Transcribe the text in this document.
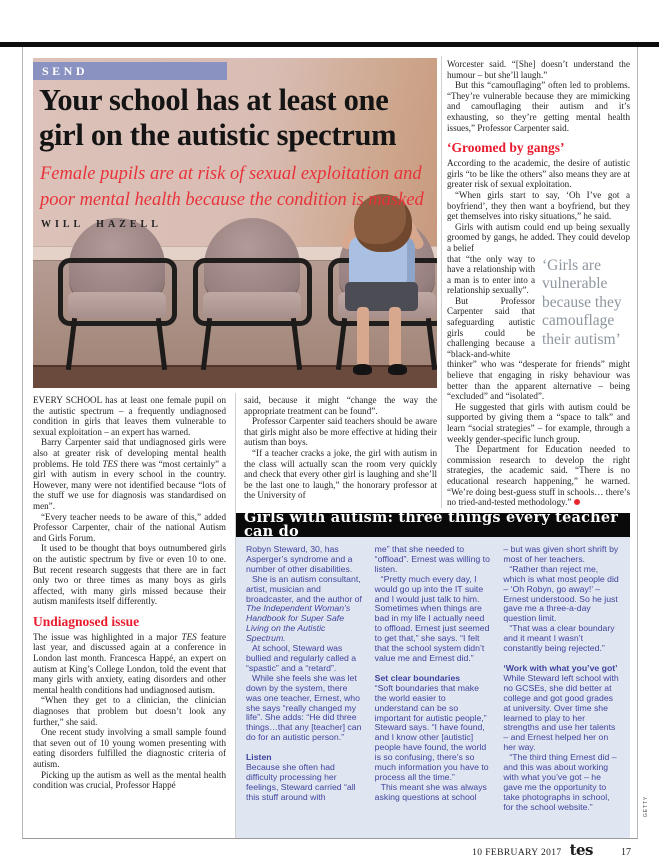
SEND
Your school has at least one girl on the autistic spectrum

Female pupils are at risk of sexual exploitation and poor mental health because the condition is masked

WILL HAZELL

EVERY SCHOOL has at least one female pupil on the autistic spectrum – a frequently undiagnosed condition in girls that leaves them vulnerable to sexual exploitation – an expert has warned.

Barry Carpenter said that undiagnosed girls were also at greater risk of developing mental health problems. He told TES there was “most certainly” a girl with autism in every school in the country. However, many were not identified because “lots of the stuff we use for diagnosis was standardised on men”.

“Every teacher needs to be aware of this,” added Professor Carpenter, chair of the national Autism and Girls Forum.

It used to be thought that boys outnumbered girls on the autistic spectrum by five or even 10 to one. But recent research suggests that there are in fact only two or three times as many boys as girls affected, with many girls missed because their autism manifests itself differently.

Undiagnosed issue

The issue was highlighted in a major TES feature last year, and discussed again at a conference in London last month. Francesca Happé, an expert on autism at King’s College London, told the event that many girls with anxiety, eating disorders and other mental health conditions had undiagnosed autism.

“When they get to a clinician, the clinician diagnoses that problem but doesn’t look any further,” she said.

One recent study involving a small sample found that seven out of 10 young women presenting with eating disorders fulfilled the diagnostic criteria of autism.

Picking up the autism as well as the mental health condition was crucial, Professor Happé

said, because it might “change the way the appropriate treatment can be found”.

Professor Carpenter said teachers should be aware that girls might also be more effective at hiding their autism than boys.

“If a teacher cracks a joke, the girl with autism in the class will actually scan the room very quickly and check that every other girl is laughing and she’ll be the last one to laugh,” the honorary professor at the University of

Worcester said. “[She] doesn’t understand the humour – but she’ll laugh.”

But this “camouflaging” often led to problems. “They’re vulnerable because they are mimicking and camouflaging their autism and it’s exhausting, so they’re getting mental health issues,” Professor Carpenter said.

‘Groomed by gangs’

According to the academic, the desire of autistic girls “to be like the others” also means they are at greater risk of sexual exploitation.

“When girls start to say, ‘Oh I’ve got a boyfriend’, they then want a boyfriend, but they get themselves into risky situations,” he said.

Girls with autism could end up being sexually groomed by gangs, he added. They could develop a belief

‘Girls are vulnerable because they camouflage their autism’
that “the only way to have a relationship with a man is to enter into a relationship sexually”.

But Professor Carpenter said that safeguarding autistic girls could be challenging because a “black-and-white thinker” who was “desperate for friends” might believe that engaging in risky behaviour was better than the apparent alternative – being “excluded” and “isolated”.

He suggested that girls with autism could be supported by giving them a “space to talk” and learn “social strategies” – for example, through a weekly gender-specific lunch group.

The Department for Education needed to commission research to develop the right strategies, the academic said. “There is no educational research happening,” he warned. “We’re doing best-guess stuff in schools… there’s no tried-and-tested methodology.”

Girls with autism: three things every teacher can do

Robyn Steward, 30, has Asperger’s syndrome and a number of other disabilities.

She is an autism consultant, artist, musician and broadcaster, and the author of The Independent Woman’s Handbook for Super Safe Living on the Autistic Spectrum.

At school, Steward was bullied and regularly called a “spastic” and a “retard”.

While she feels she was let down by the system, there was one teacher, Ernest, who she says “really changed my life”. She adds: “He did three things…that any [teacher] can do for an autistic person.”

Listen

Because she often had difficulty processing her feelings, Steward carried “all this stuff around with

me” that she needed to “offload”. Ernest was willing to listen.

“Pretty much every day, I would go up into the IT suite and I would just talk to him. Sometimes when things are bad in my life I actually need to offload. Ernest just seemed to get that,” she says. “I felt that the school system didn’t value me and Ernest did.”

Set clear boundaries

“Soft boundaries that make the world easier to understand can be so important for autistic people,” Steward says. “I have found, and I know other [autistic] people have found, the world is so confusing, there’s so much information you have to process all the time.”

This meant she was always asking questions at school

– but was given short shrift by most of her teachers.

“Rather than reject me, which is what most people did – ‘Oh Robyn, go away!’ – Ernest understood. So he just gave me a three-a-day question limit.

“That was a clear boundary and it meant I wasn’t constantly being rejected.”

‘Work with what you’ve got’

While Steward left school with no GCSEs, she did better at college and got good grades at university. Over time she learned to play to her strengths and use her talents – and Ernest helped her on her way.

“The third thing Ernest did – and this was about working with what you’ve got – he gave me the opportunity to take photographs in school, for the school website.”	GETTY
10 FEBRUARY 2017 tes	17
